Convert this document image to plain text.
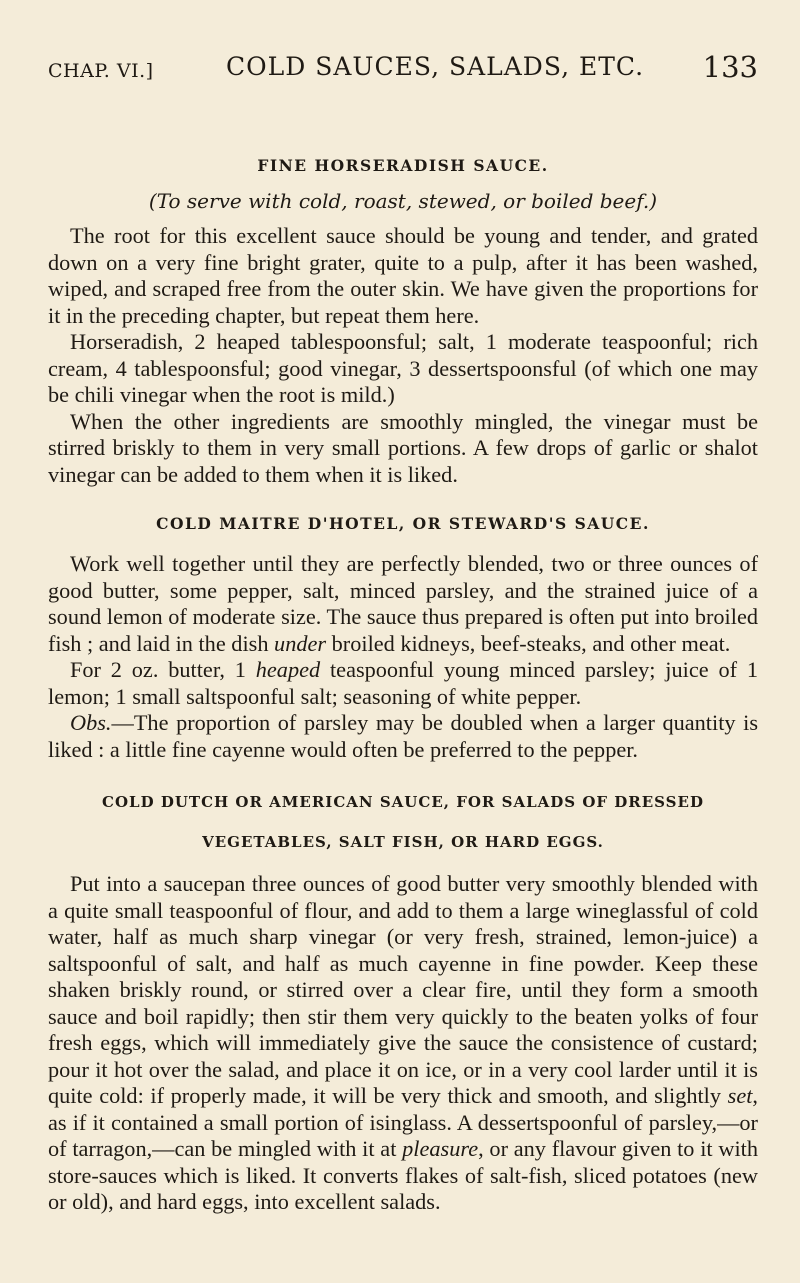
CHAP. VI.]	COLD SAUCES, SALADS, ETC. 133
FINE HORSERADISH SAUCE.
(To serve with cold, roast, stewed, or boiled beef.)

The root for this excellent sauce should be young and tender, and grated down on a very fine bright grater, quite to a pulp, after it has been washed, wiped, and scraped free from the outer skin. We have given the proportions for it in the preceding chapter, but repeat them here.

Horseradish, 2 heaped tablespoonsful; salt, 1 moderate teaspoonful; rich cream, 4 tablespoonsful; good vinegar, 3 dessertspoonsful (of which one may be chili vinegar when the root is mild.)

When the other ingredients are smoothly mingled, the vinegar must be stirred briskly to them in very small portions. A few drops of garlic or shalot vinegar can be added to them when it is liked.

COLD MAITRE D'HOTEL, OR STEWARD'S SAUCE.

Work well together until they are perfectly blended, two or three ounces of good butter, some pepper, salt, minced parsley, and the strained juice of a sound lemon of moderate size. The sauce thus prepared is often put into broiled fish ; and laid in the dish under broiled kidneys, beef-steaks, and other meat.

For 2 oz. butter, 1 heaped teaspoonful young minced parsley; juice of 1 lemon; 1 small saltspoonful salt; seasoning of white pepper.

Obs.—The proportion of parsley may be doubled when a larger quantity is liked : a little fine cayenne would often be preferred to the pepper.

COLD DUTCH OR AMERICAN SAUCE, FOR SALADS OF DRESSED
VEGETABLES, SALT FISH, OR HARD EGGS.

Put into a saucepan three ounces of good butter very smoothly blended with a quite small teaspoonful of flour, and add to them a large wineglassful of cold water, half as much sharp vinegar (or very fresh, strained, lemon-juice) a saltspoonful of salt, and half as much cayenne in fine powder. Keep these shaken briskly round, or stirred over a clear fire, until they form a smooth sauce and boil rapidly; then stir them very quickly to the beaten yolks of four fresh eggs, which will immediately give the sauce the consistence of custard; pour it hot over the salad, and place it on ice, or in a very cool larder until it is quite cold: if properly made, it will be very thick and smooth, and slightly set, as if it contained a small portion of isinglass. A dessertspoonful of parsley,—or of tarragon,—can be mingled with it at pleasure, or any flavour given to it with store-sauces which is liked. It converts flakes of salt-fish, sliced potatoes (new or old), and hard eggs, into excellent salads.
